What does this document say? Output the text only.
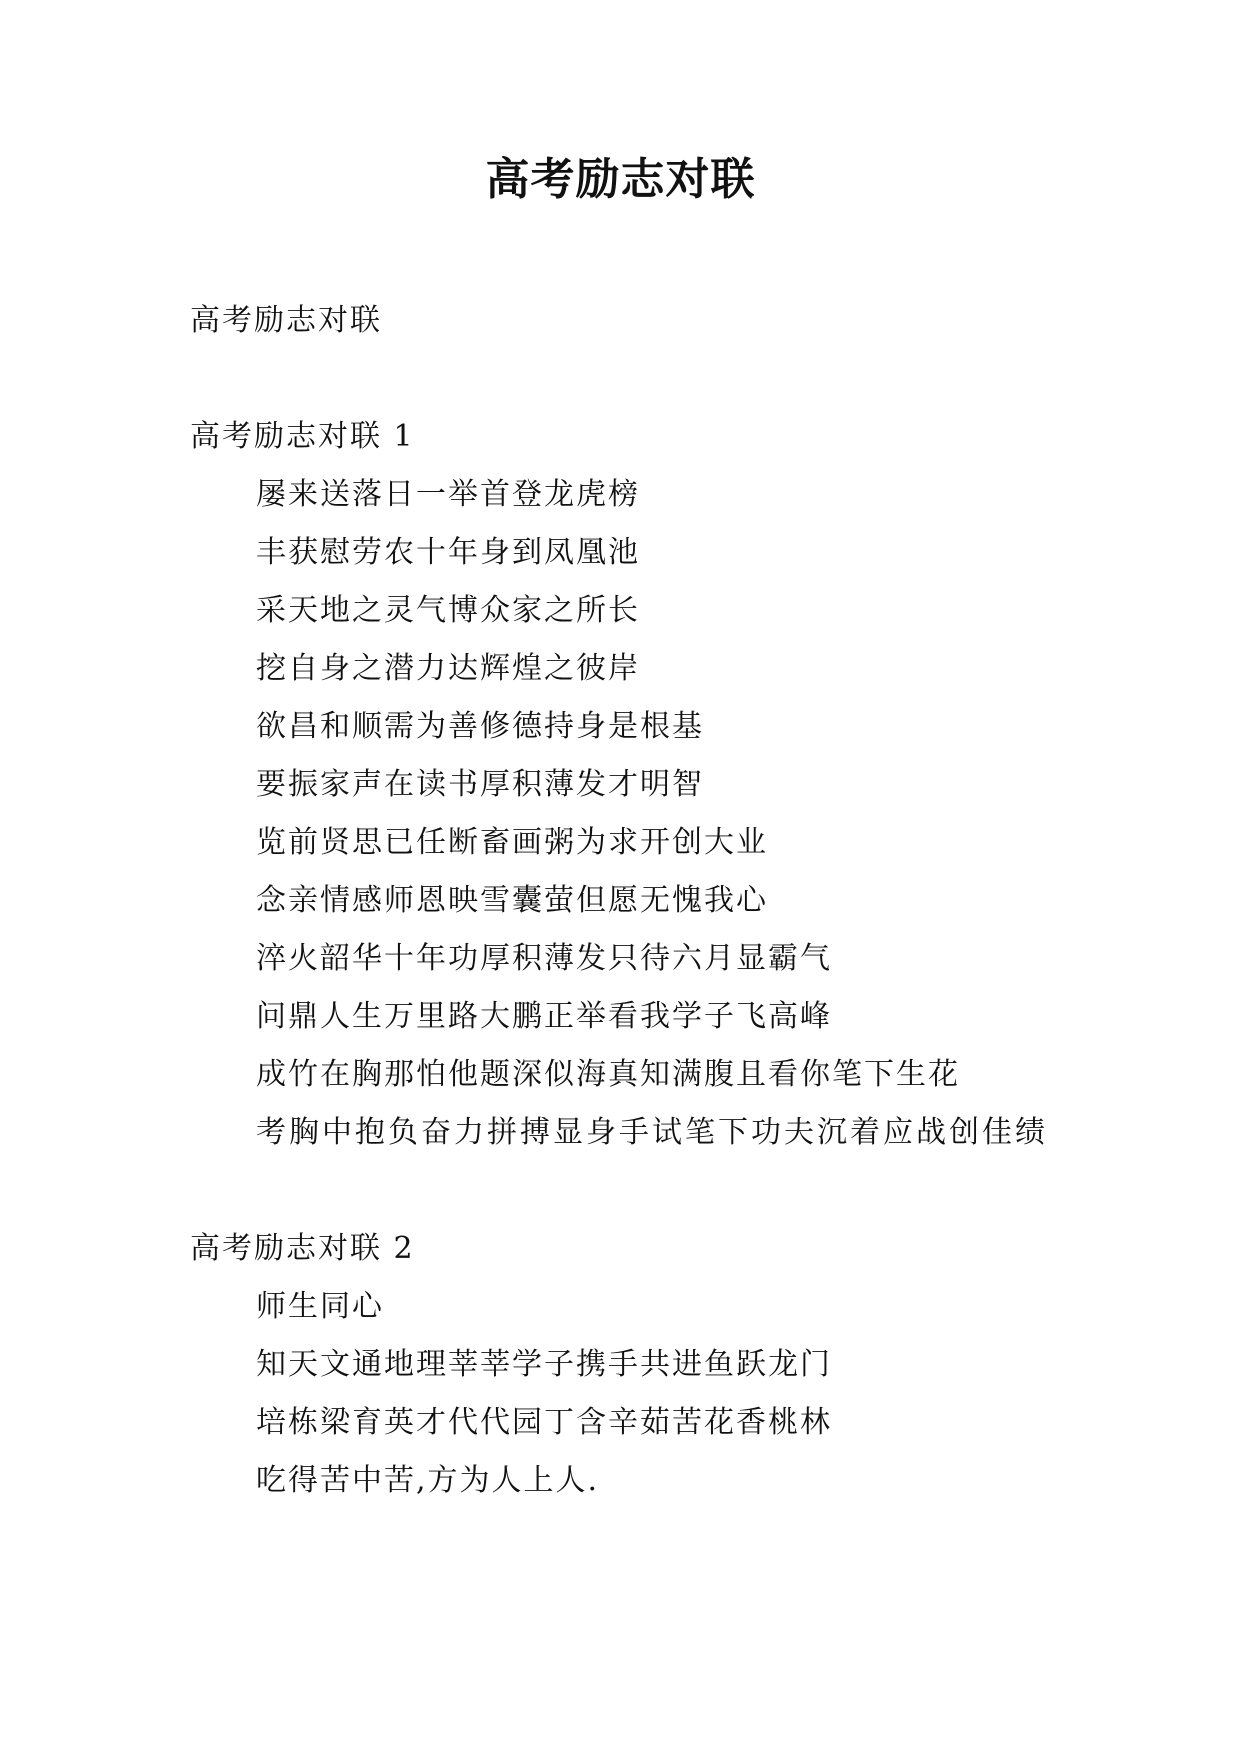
高考励志对联

高考励志对联

高考励志对联 1

屡来送落日一举首登龙虎榜

丰获慰劳农十年身到凤凰池

采天地之灵气博众家之所长

挖自身之潜力达辉煌之彼岸

欲昌和顺需为善修德持身是根基

要振家声在读书厚积薄发才明智

览前贤思已任断畜画粥为求开创大业

念亲情感师恩映雪囊萤但愿无愧我心

淬火韶华十年功厚积薄发只待六月显霸气

问鼎人生万里路大鹏正举看我学子飞高峰

成竹在胸那怕他题深似海真知满腹且看你笔下生花

考胸中抱负奋力拼搏显身手试笔下功夫沉着应战创佳绩

高考励志对联 2

师生同心

知天文通地理莘莘学子携手共进鱼跃龙门

培栋梁育英才代代园丁含辛茹苦花香桃林

吃得苦中苦,方为人上人.
